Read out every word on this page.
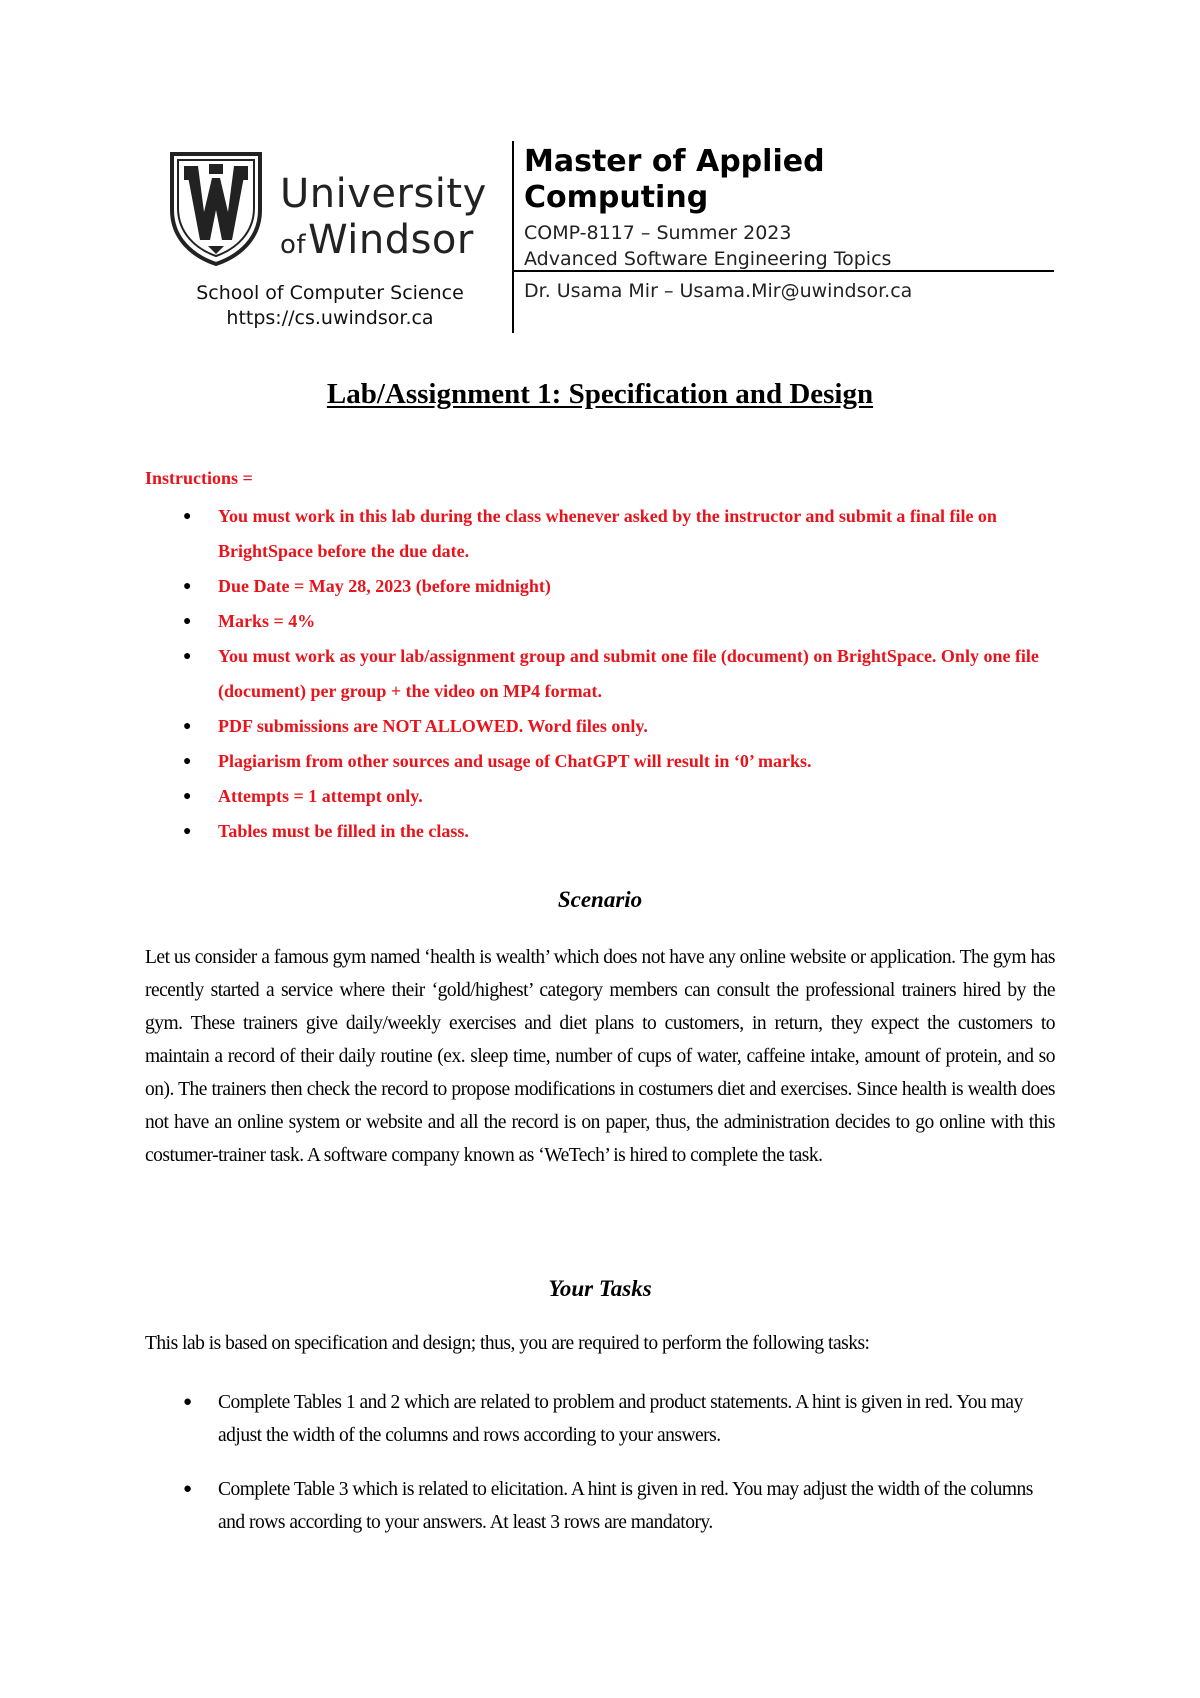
University
ofWindsor
School of Computer Science
https://cs.uwindsor.ca
Master of Applied Computing
COMP-8117 – Summer 2023
Advanced Software Engineering Topics
Dr. Usama Mir – Usama.Mir@uwindsor.ca
Lab/Assignment 1: Specification and Design
Instructions =
● You must work in this lab during the class whenever asked by the instructor and submit a final file on BrightSpace before the due date.
● Due Date = May 28, 2023 (before midnight)
● Marks = 4%
● You must work as your lab/assignment group and submit one file (document) on BrightSpace. Only one file (document) per group + the video on MP4 format.
● PDF submissions are NOT ALLOWED. Word files only.
● Plagiarism from other sources and usage of ChatGPT will result in ‘0’ marks.
● Attempts = 1 attempt only.
● Tables must be filled in the class.
Scenario
Let us consider a famous gym named ‘health is wealth’ which does not have any online website or application. The gym has recently started a service where their ‘gold/highest’ category members can consult the professional trainers hired by the gym. These trainers give daily/weekly exercises and diet plans to customers, in return, they expect the customers to maintain a record of their daily routine (ex. sleep time, number of cups of water, caffeine intake, amount of protein, and so on). The trainers then check the record to propose modifications in costumers diet and exercises. Since health is wealth does not have an online system or website and all the record is on paper, thus, the administration decides to go online with this costumer-trainer task. A software company known as ‘WeTech’ is hired to complete the task.
Your Tasks
This lab is based on specification and design; thus, you are required to perform the following tasks:
● Complete Tables 1 and 2 which are related to problem and product statements. A hint is given in red. You may adjust the width of the columns and rows according to your answers.
● Complete Table 3 which is related to elicitation. A hint is given in red. You may adjust the width of the columns and rows according to your answers. At least 3 rows are mandatory.
